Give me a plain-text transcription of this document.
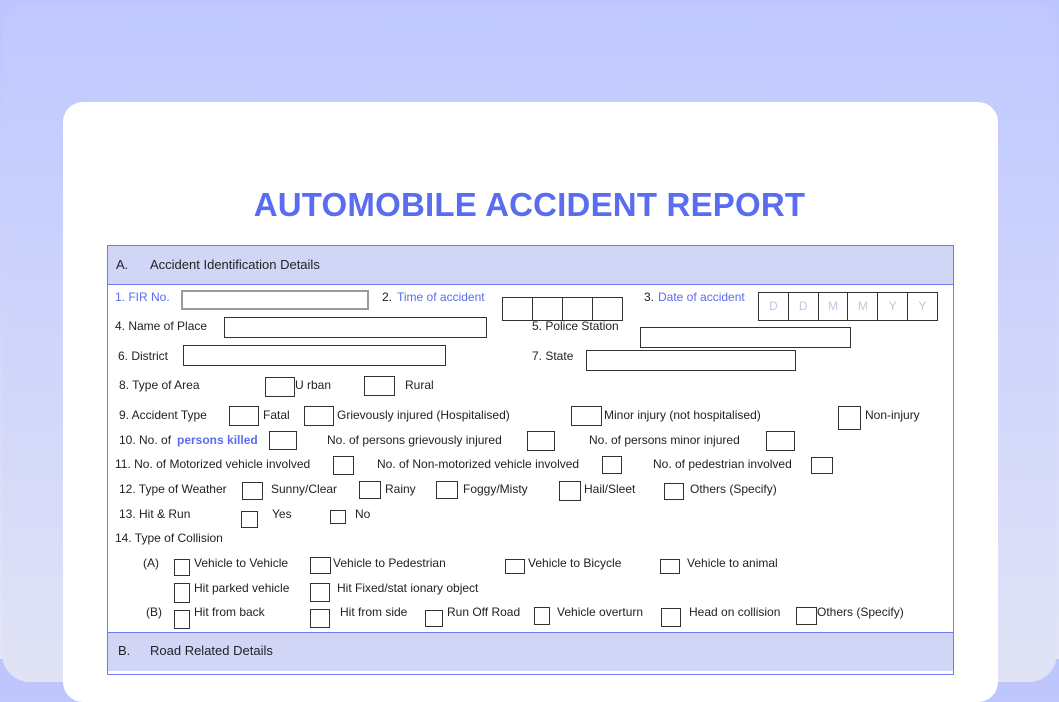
AUTOMOBILE ACCIDENT REPORT
A. Accident Identification Details
1. FIR No.	2. Time of accident	3. Date of accident
D	D	M	M	Y	Y
4. Name of Place	5. Police Station
6. District	7. State
8. Type of Area	U rban	Rural
9. Accident Type	Fatal	Grievously injured (Hospitalised)	Minor injury (not hospitalised)	Non-injury
10. No. of persons killed	No. of persons grievously injured	No. of persons minor injured
11. No. of Motorized vehicle involved	No. of Non-motorized vehicle involved	No. of pedestrian involved
12. Type of Weather	Sunny/Clear	Rainy	Foggy/Misty	Hail/Sleet	Others (Specify)
13. Hit & Run	Yes	No
14. Type of Collision
(A)	Vehicle to Vehicle	Vehicle to Pedestrian	Vehicle to Bicycle	Vehicle to animal
Hit parked vehicle	Hit Fixed/stat ionary object
(B)	Hit from back	Hit from side	Run Off Road	Vehicle overturn	Head on collision	Others (Specify)
B. Road Related Details
